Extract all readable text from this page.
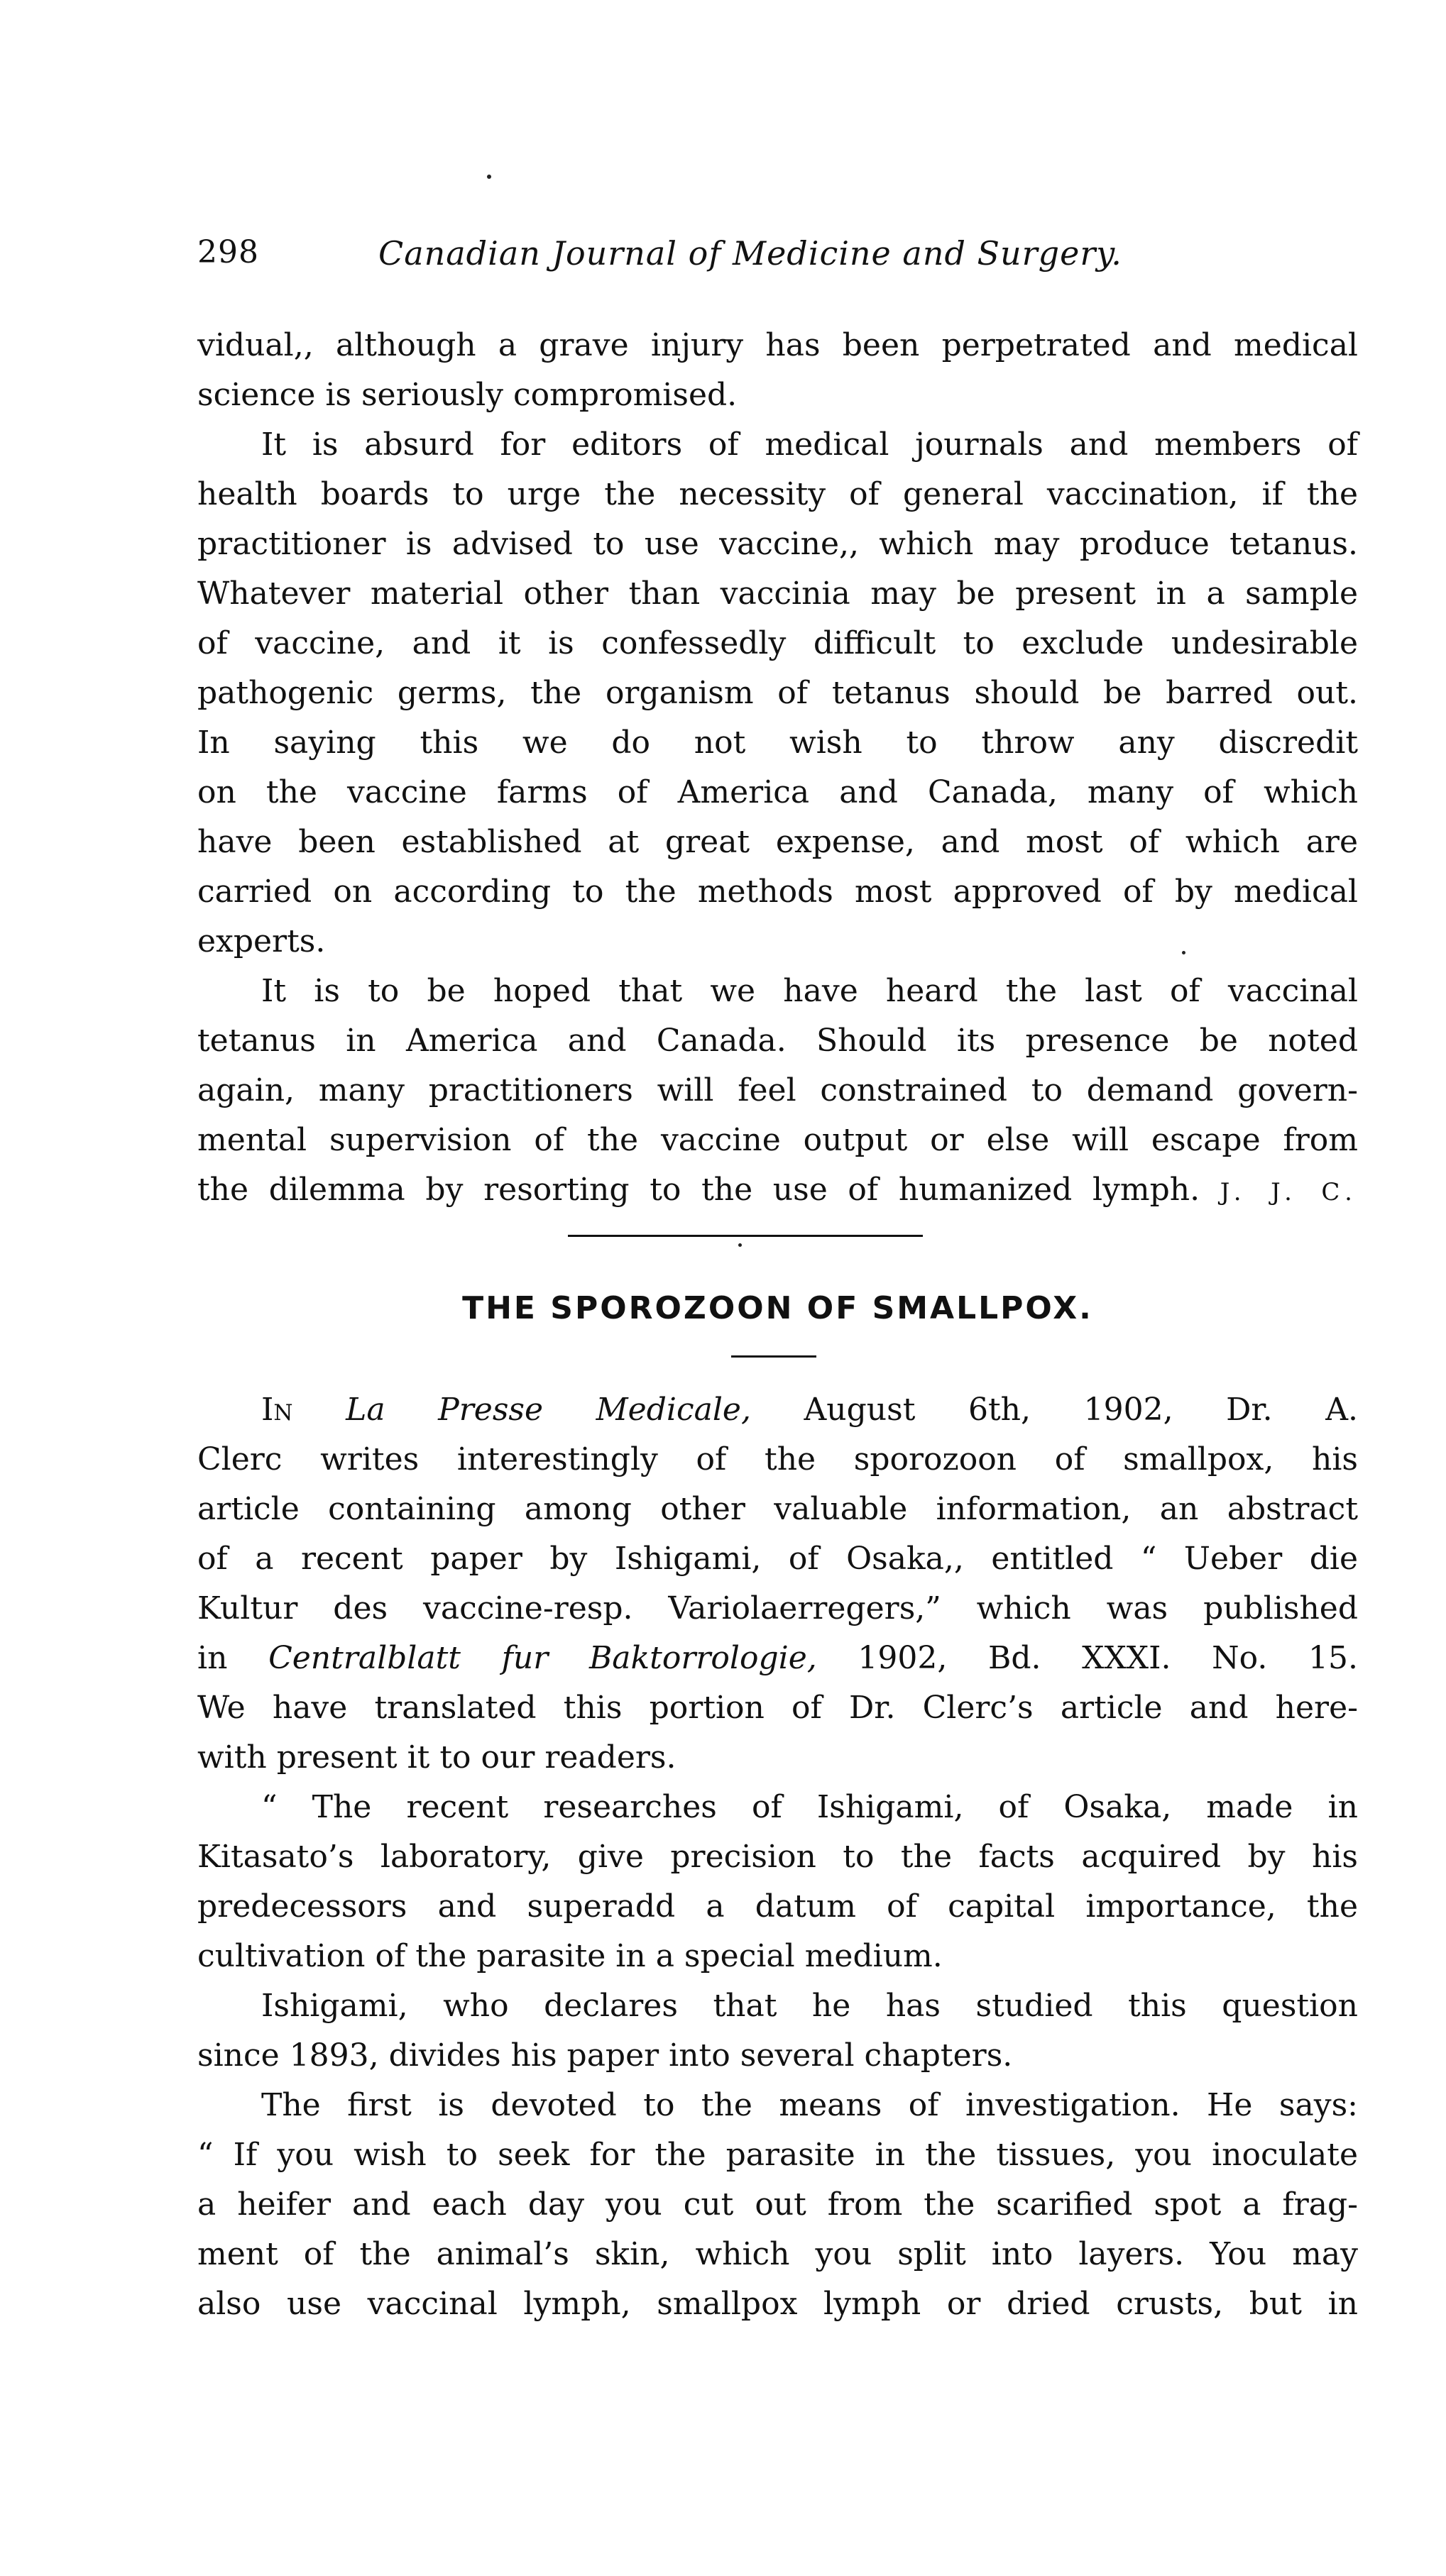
298	Canadian Journal of Medicine and Surgery.
vidual,, although a grave injury has been perpetrated and medical
science is seriously compromised.
It is absurd for editors of medical journals and members of
health boards to urge the necessity of general vaccination, if the
practitioner is advised to use vaccine,, which may produce tetanus.
Whatever material other than vaccinia may be present in a sample
of vaccine, and it is confessedly difficult to exclude undesirable
pathogenic germs, the organism of tetanus should be barred out.
In saying this we do not wish to throw any discredit
on the vaccine farms of America and Canada, many of which
have been established at great expense, and most of which are
carried on according to the methods most approved of by medical
experts.
It is to be hoped that we have heard the last of vaccinal
tetanus in America and Canada. Should its presence be noted
again, many practitioners will feel constrained to demand govern-
mental supervision of the vaccine output or else will escape from
the dilemma by resorting to the use of humanized lymph. J. J. C.
THE SPOROZOON OF SMALLPOX.
In La Presse Medicale, August 6th, 1902, Dr. A.
Clerc writes interestingly of the sporozoon of smallpox, his
article containing among other valuable information, an abstract
of a recent paper by Ishigami, of Osaka,, entitled “ Ueber die
Kultur des vaccine-resp. Variolaerregers,” which was published
in Centralblatt fur Baktorrologie, 1902, Bd. XXXI. No. 15.
We have translated this portion of Dr. Clerc’s article and here-
with present it to our readers.
“ The recent researches of Ishigami, of Osaka, made in
Kitasato’s laboratory, give precision to the facts acquired by his
predecessors and superadd a datum of capital importance, the
cultivation of the parasite in a special medium.
Ishigami, who declares that he has studied this question
since 1893, divides his paper into several chapters.
The first is devoted to the means of investigation. He says:
“ If you wish to seek for the parasite in the tissues, you inoculate
a heifer and each day you cut out from the scarified spot a frag-
ment of the animal’s skin, which you split into layers. You may
also use vaccinal lymph, smallpox lymph or dried crusts, but in
